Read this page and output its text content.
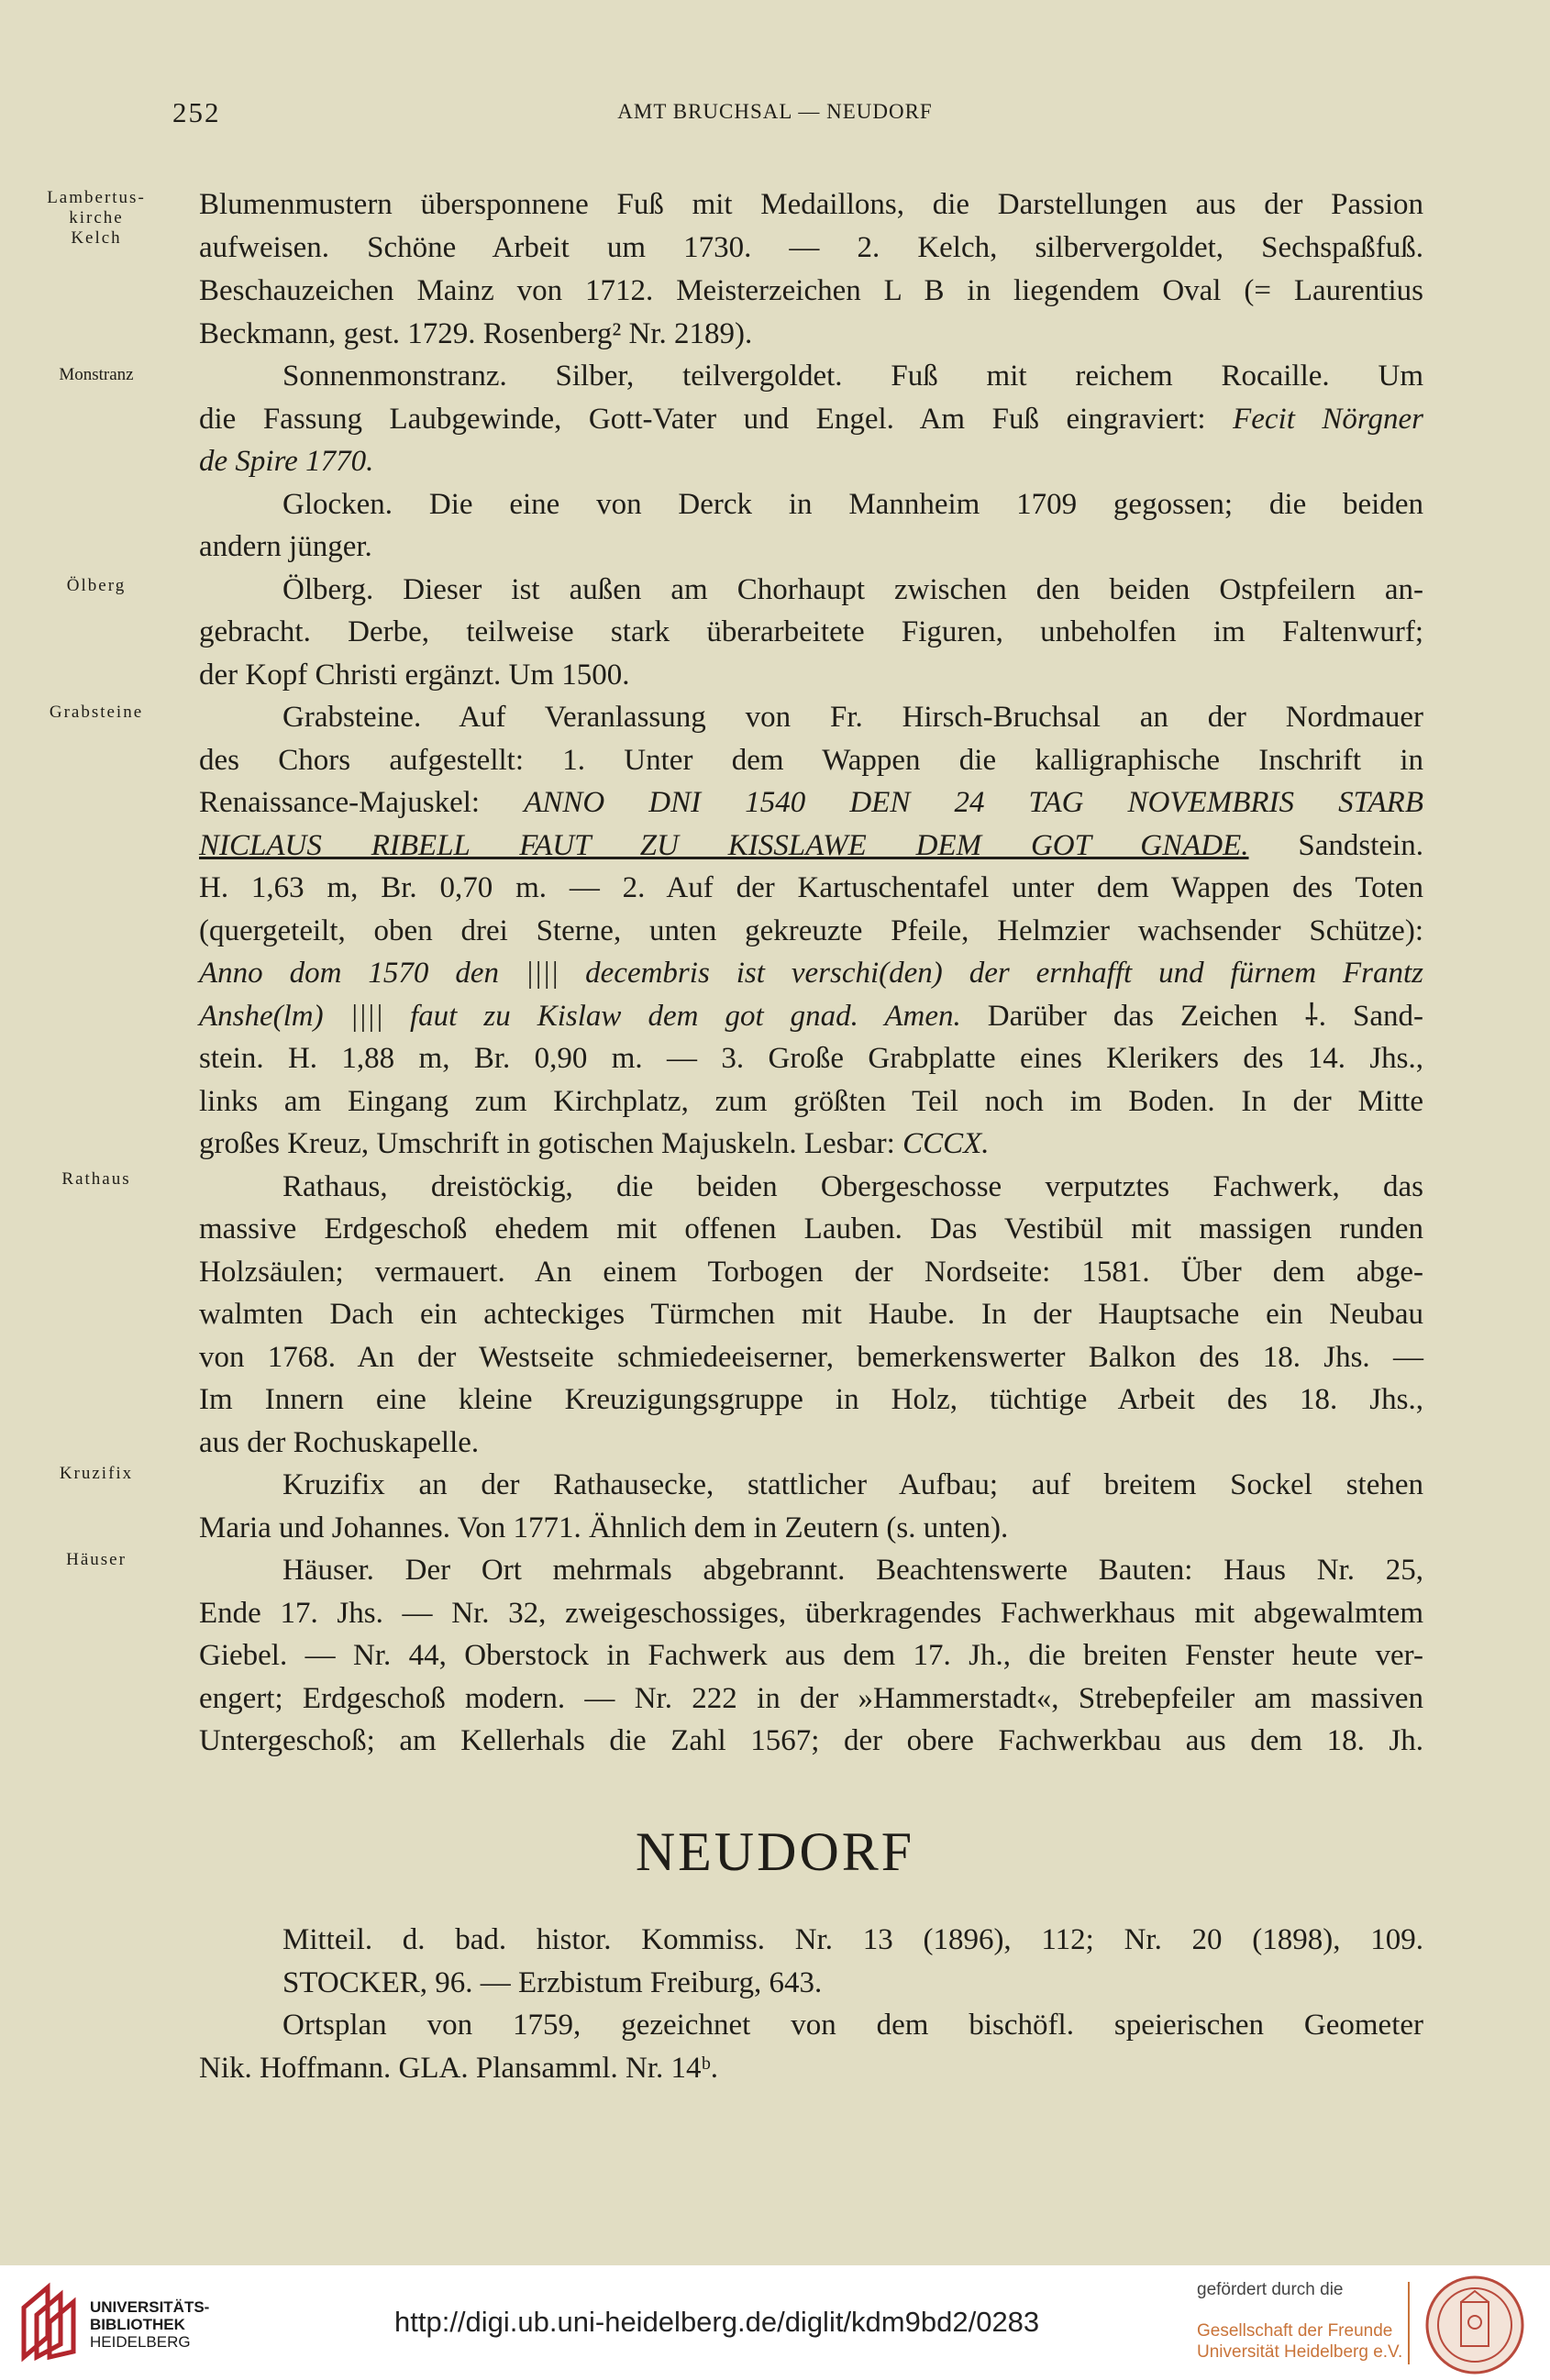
252	AMT BRUCHSAL — NEUDORF
Lambertus-
kirche
Kelch
Monstranz
Ölberg
Grabsteine
Rathaus
Kruzifix
Häuser
Blumenmustern übersponnene Fuß mit Medaillons, die Darstellungen aus der Passion
aufweisen. Schöne Arbeit um 1730. — 2. Kelch, silbervergoldet, Sechspaßfuß.
Beschauzeichen Mainz von 1712. Meisterzeichen L B in liegendem Oval (= Laurentius
Beckmann, gest. 1729. Rosenberg² Nr. 2189).
Sonnenmonstranz. Silber, teilvergoldet. Fuß mit reichem Rocaille. Um
die Fassung Laubgewinde, Gott-Vater und Engel. Am Fuß eingraviert: Fecit Nörgner
de Spire 1770.
Glocken. Die eine von Derck in Mannheim 1709 gegossen; die beiden
andern jünger.
Ölberg. Dieser ist außen am Chorhaupt zwischen den beiden Ostpfeilern an-
gebracht. Derbe, teilweise stark überarbeitete Figuren, unbeholfen im Faltenwurf;
der Kopf Christi ergänzt. Um 1500.
Grabsteine. Auf Veranlassung von Fr. Hirsch-Bruchsal an der Nordmauer
des Chors aufgestellt: 1. Unter dem Wappen die kalligraphische Inschrift in
Renaissance-Majuskel: ANNO DNI 1540 DEN 24 TAG NOVEMBRIS STARB
NICLAUS RIBELL FAUT ZU KISSLAWE DEM GOT GNADE. Sandstein.
H. 1,63 m, Br. 0,70 m. — 2. Auf der Kartuschentafel unter dem Wappen des Toten
(quergeteilt, oben drei Sterne, unten gekreuzte Pfeile, Helmzier wachsender Schütze):
Anno dom 1570 den |||| decembris ist verschi(den) der ernhafft und fürnem Frantz
Anshe(lm) |||| faut zu Kislaw dem got gnad. Amen. Darüber das Zeichen ⸸. Sand-
stein. H. 1,88 m, Br. 0,90 m. — 3. Große Grabplatte eines Klerikers des 14. Jhs.,
links am Eingang zum Kirchplatz, zum größten Teil noch im Boden. In der Mitte
großes Kreuz, Umschrift in gotischen Majuskeln. Lesbar: CCCX.
Rathaus, dreistöckig, die beiden Obergeschosse verputztes Fachwerk, das
massive Erdgeschoß ehedem mit offenen Lauben. Das Vestibül mit massigen runden
Holzsäulen; vermauert. An einem Torbogen der Nordseite: 1581. Über dem abge-
walmten Dach ein achteckiges Türmchen mit Haube. In der Hauptsache ein Neubau
von 1768. An der Westseite schmiedeeiserner, bemerkenswerter Balkon des 18. Jhs. —
Im Innern eine kleine Kreuzigungsgruppe in Holz, tüchtige Arbeit des 18. Jhs.,
aus der Rochuskapelle.
Kruzifix an der Rathausecke, stattlicher Aufbau; auf breitem Sockel stehen
Maria und Johannes. Von 1771. Ähnlich dem in Zeutern (s. unten).
Häuser. Der Ort mehrmals abgebrannt. Beachtenswerte Bauten: Haus Nr. 25,
Ende 17. Jhs. — Nr. 32, zweigeschossiges, überkragendes Fachwerkhaus mit abgewalmtem
Giebel. — Nr. 44, Oberstock in Fachwerk aus dem 17. Jh., die breiten Fenster heute ver-
engert; Erdgeschoß modern. — Nr. 222 in der »Hammerstadt«, Strebepfeiler am massiven
Untergeschoß; am Kellerhals die Zahl 1567; der obere Fachwerkbau aus dem 18. Jh.
NEUDORF
Mitteil. d. bad. histor. Kommiss. Nr. 13 (1896), 112; Nr. 20 (1898), 109.
STOCKER, 96. — Erzbistum Freiburg, 643.
Ortsplan von 1759, gezeichnet von dem bischöfl. speierischen Geometer
Nik. Hoffmann. GLA. Plansamml. Nr. 14ᵇ.
UNIVERSITÄTS-
BIBLIOTHEK
HEIDELBERG
http://digi.ub.uni-heidelberg.de/diglit/kdm9bd2/0283
gefördert durch die
Gesellschaft der Freunde
Universität Heidelberg e.V.
